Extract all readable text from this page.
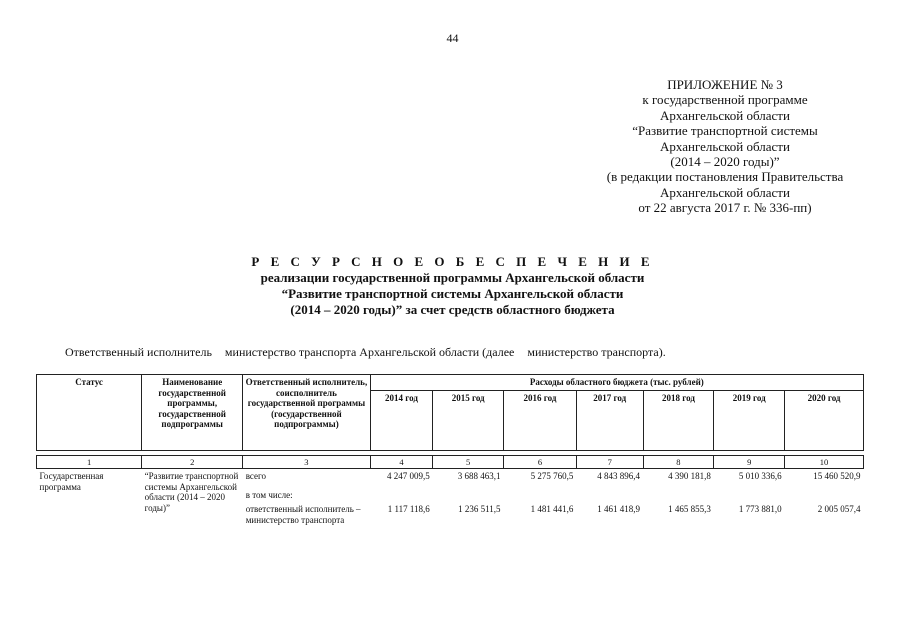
44
ПРИЛОЖЕНИЕ № 3
к государственной программе
Архангельской области
“Развитие транспортной системы
Архангельской области
(2014 – 2020 годы)”
(в редакции постановления Правительства
Архангельской области
от 22 августа 2017 г. № 336-пп)
Р Е С У Р С Н О Е О Б Е С П Е Ч Е Н И Е
реализации государственной программы Архангельской области
“Развитие транспортной системы Архангельской области
(2014 – 2020 годы)” за счет средств областного бюджета
Ответственный исполнитель министерство транспорта Архангельской области (далее министерство транспорта).
Статус	Наименование государственной программы, государственной подпрограммы	Ответственный исполнитель, соисполнитель государственной программы (государственной подпрограммы)	Расходы областного бюджета (тыс. рублей)						
			2014 год	2015 год	2016 год	2017 год	2018 год	2019 год	2020 год

1	2	3	4	5	6	7	8	9	10
Государственная программа	“Развитие транспортной системы Архангельской области (2014 – 2020 годы)”	всего	4 247 009,5	3 688 463,1	5 275 760,5	4 843 896,4	4 390 181,8	5 010 336,6	15 460 520,9
		в том числе:							
		ответственный исполнитель – министерство транспорта	1 117 118,6	1 236 511,5	1 481 441,6	1 461 418,9	1 465 855,3	1 773 881,0	2 005 057,4
